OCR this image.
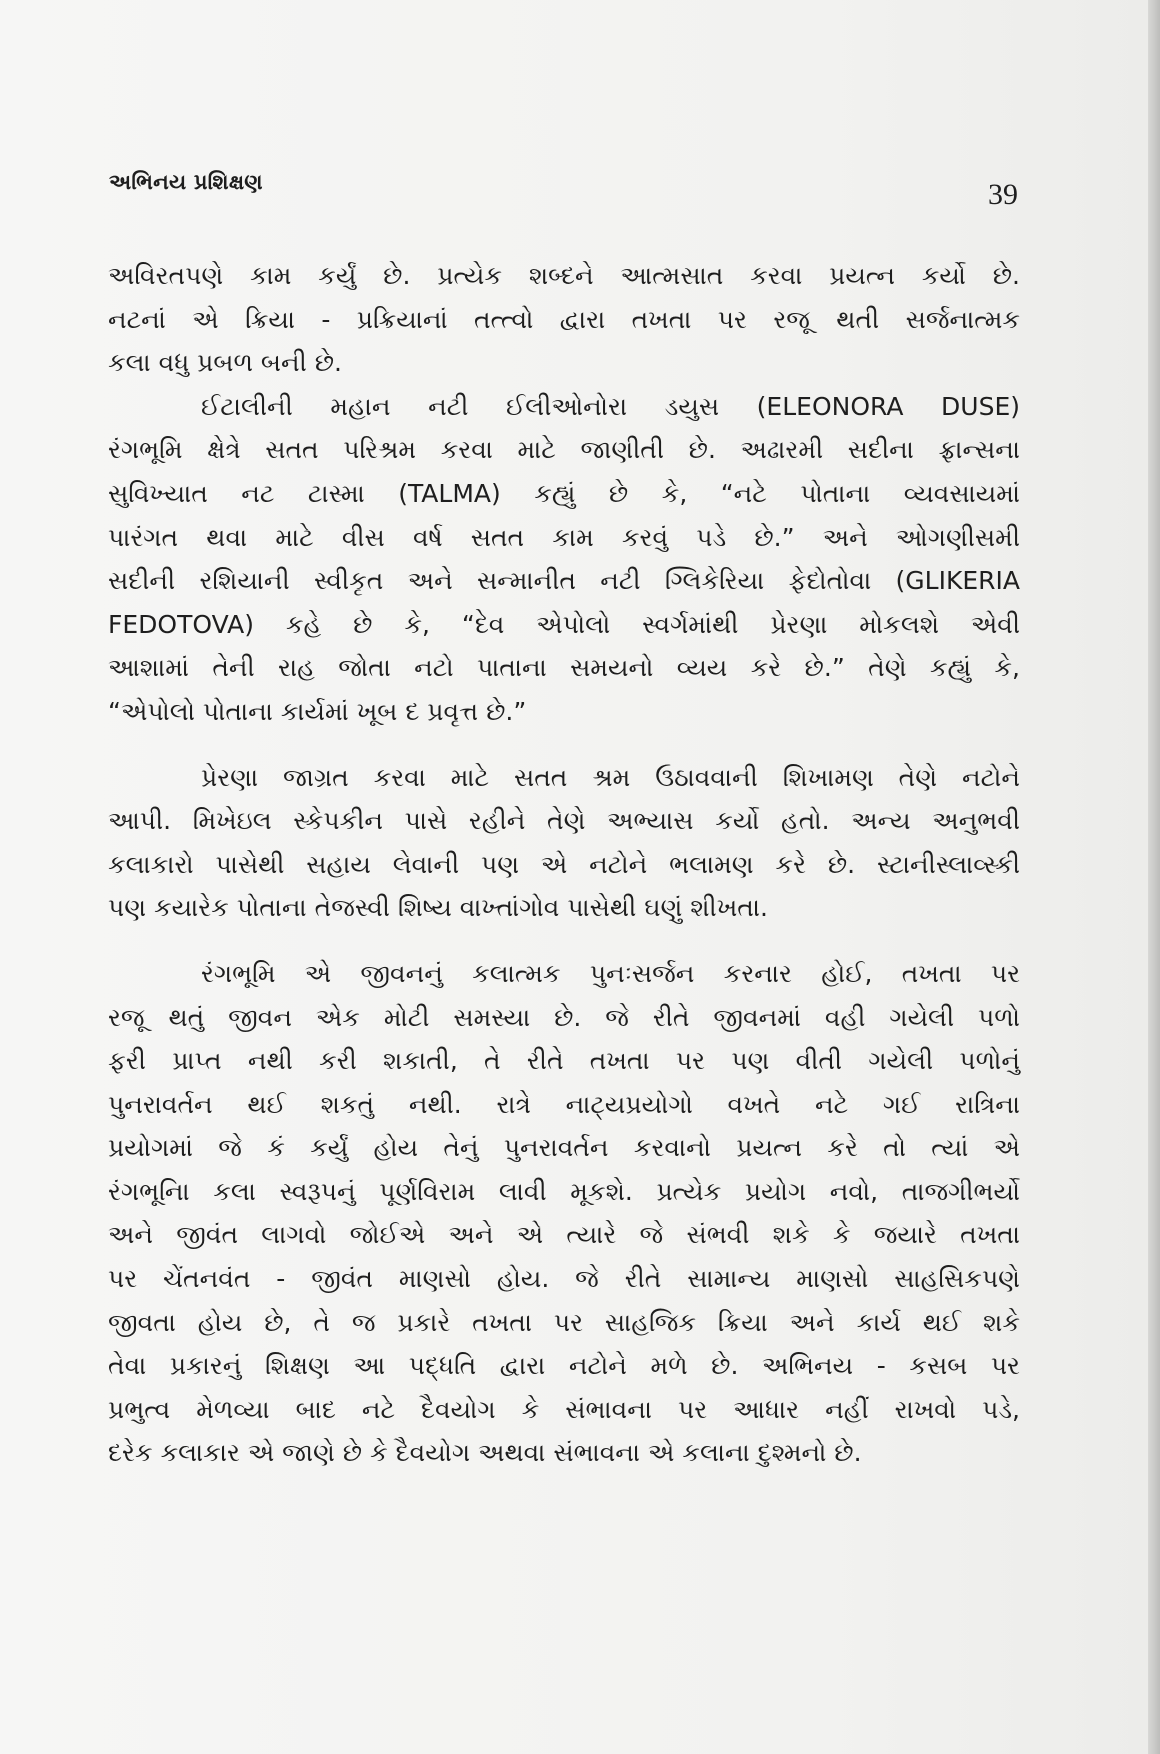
અભિનય પ્રશિક્ષણ	39
અવિરતપણે કામ કર્યું છે. પ્રત્યેક શબ્દને આત્મસાત કરવા પ્રયત્ન કર્યો છે.
નટનાં એ ક્રિયા - પ્રક્રિયાનાં તત્ત્વો દ્વારા તખતા પર રજૂ થતી સર્જનાત્મક
કલા વધુ પ્રબળ બની છે.
ઈટાલીની મહાન નટી ઈલીઓનોરા ડયુસ (ELEONORA DUSE)
રંગભૂમિ ક્ષેત્રે સતત પરિશ્રમ કરવા માટે જાણીતી છે. અઢારમી સદીના ફ્રાન્સના
સુવિખ્યાત નટ ટાસ્મા (TALMA) કહ્યું છે કે, “નટે પોતાના વ્યવસાયમાં
પારંગત થવા માટે વીસ વર્ષ સતત કામ કરવું પડે છે.” અને ઓગણીસમી
સદીની રશિયાની સ્વીકૃત અને સન્માનીત નટી ગ્લિકેરિયા ફેદોતોવા (GLIKERIA
FEDOTOVA) કહે છે કે, “દેવ એપોલો સ્વર્ગમાંથી પ્રેરણા મોકલશે એવી
આશામાં તેની રાહ જોતા નટો પાતાના સમયનો વ્યય કરે છે.” તેણે કહ્યું કે,
“એપોલો પોતાના કાર્યમાં ખૂબ દ પ્રવૃત્ત છે.”
પ્રેરણા જાગ્રત કરવા માટે સતત શ્રમ ઉઠાવવાની શિખામણ તેણે નટોને
આપી. મિખેઇલ સ્કેપકીન પાસે રહીને તેણે અભ્યાસ કર્યો હતો. અન્ય અનુભવી
કલાકારો પાસેથી સહાય લેવાની પણ એ નટોને ભલામણ કરે છે. સ્ટાનીસ્લાવ્સ્કી
પણ કયારેક પોતાના તેજસ્વી શિષ્ય વાખ્તાંગોવ પાસેથી ઘણું શીખતા.
રંગભૂમિ એ જીવનનું કલાત્મક પુનઃસર્જન કરનાર હોઈ, તખતા પર
રજૂ થતું જીવન એક મોટી સમસ્યા છે. જે રીતે જીવનમાં વહી ગયેલી પળો
ફરી પ્રાપ્ત નથી કરી શકાતી, તે રીતે તખતા પર પણ વીતી ગયેલી પળોનું
પુનરાવર્તન થઈ શકતું નથી. રાત્રે નાટ્યપ્રયોગો વખતે નટે ગઈ રાત્રિના
પ્રયોગમાં જે કં કર્યું હોય તેનું પુનરાવર્તન કરવાનો પ્રયત્ન કરે તો ત્યાં એ
રંગભૂનિા કલા સ્વરૂપનું પૂર્ણવિરામ લાવી મૂકશે. પ્રત્યેક પ્રયોગ નવો, તાજગીભર્યો
અને જીવંત લાગવો જોઈએ અને એ ત્યારે જે સંભવી શકે કે જયારે તખતા
પર ચેંતનવંત - જીવંત માણસો હોય. જે રીતે સામાન્ય માણસો સાહસિકપણે
જીવતા હોય છે, તે જ પ્રકારે તખતા પર સાહજિક ક્રિયા અને કાર્ય થઈ શકે
તેવા પ્રકારનું શિક્ષણ આ પદ્ધતિ દ્વારા નટોને મળે છે. અભિનય - કસબ પર
પ્રભુત્વ મેળવ્યા બાદ નટે દૈવયોગ કે સંભાવના પર આધાર નહીં રાખવો પડે,
દરેક કલાકાર એ જાણે છે કે દૈવયોગ અથવા સંભાવના એ કલાના દુશ્મનો છે.
